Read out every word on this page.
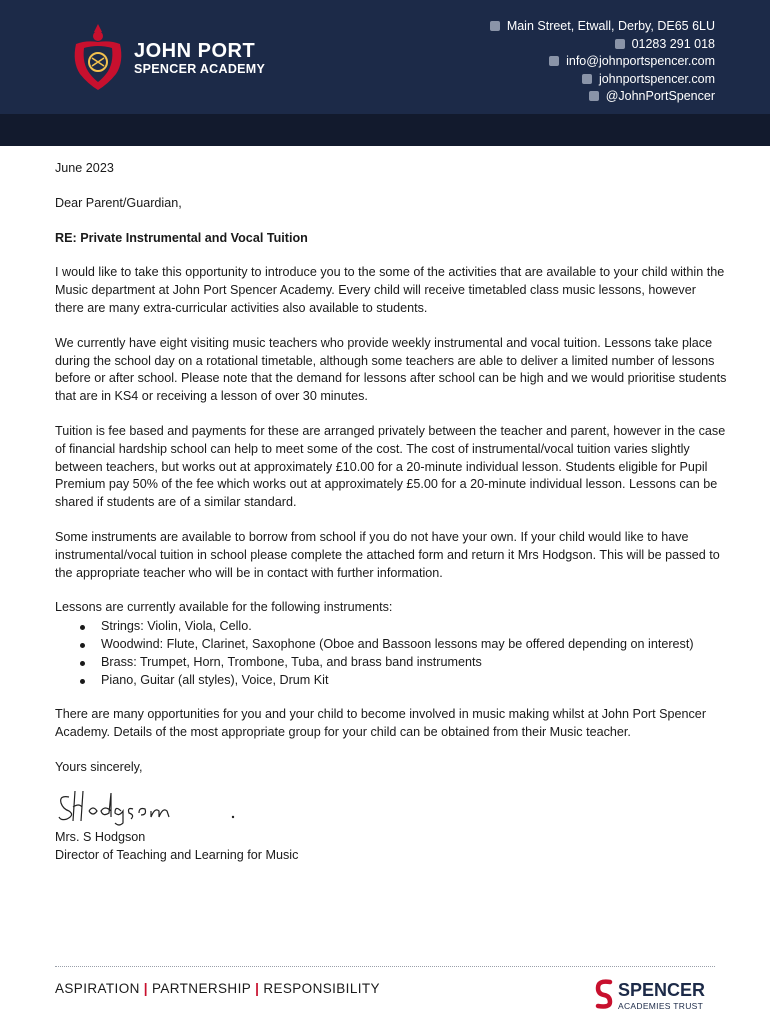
JOHN PORT
SPENCER ACADEMY
Main Street, Etwall, Derby, DE65 6LU
01283 291 018
info@johnportspencer.com
johnportspencer.com
@JohnPortSpencer

June 2023

Dear Parent/Guardian,

RE: Private Instrumental and Vocal Tuition

I would like to take this opportunity to introduce you to the some of the activities that are available to your child within the Music department at John Port Spencer Academy. Every child will receive timetabled class music lessons, however there are many extra-curricular activities also available to students.

We currently have eight visiting music teachers who provide weekly instrumental and vocal tuition. Lessons take place during the school day on a rotational timetable, although some teachers are able to deliver a limited number of lessons before or after school. Please note that the demand for lessons after school can be high and we would prioritise students that are in KS4 or receiving a lesson of over 30 minutes.

Tuition is fee based and payments for these are arranged privately between the teacher and parent, however in the case of financial hardship school can help to meet some of the cost. The cost of instrumental/vocal tuition varies slightly between teachers, but works out at approximately £10.00 for a 20-minute individual lesson. Students eligible for Pupil Premium pay 50% of the fee which works out at approximately £5.00 for a 20-minute individual lesson. Lessons can be shared if students are of a similar standard.

Some instruments are available to borrow from school if you do not have your own. If your child would like to have instrumental/vocal tuition in school please complete the attached form and return it Mrs Hodgson. This will be passed to the appropriate teacher who will be in contact with further information.

Lessons are currently available for the following instruments:

Strings: Violin, Viola, Cello.
Woodwind: Flute, Clarinet, Saxophone (Oboe and Bassoon lessons may be offered depending on interest)
Brass: Trumpet, Horn, Trombone, Tuba, and brass band instruments
Piano, Guitar (all styles), Voice, Drum Kit

There are many opportunities for you and your child to become involved in music making whilst at John Port Spencer Academy. Details of the most appropriate group for your child can be obtained from their Music teacher.

Yours sincerely,

Mrs. S Hodgson

Director of Teaching and Learning for Music

ASPIRATION | PARTNERSHIP | RESPONSIBILITY	SPENCER
ACADEMIES TRUST
